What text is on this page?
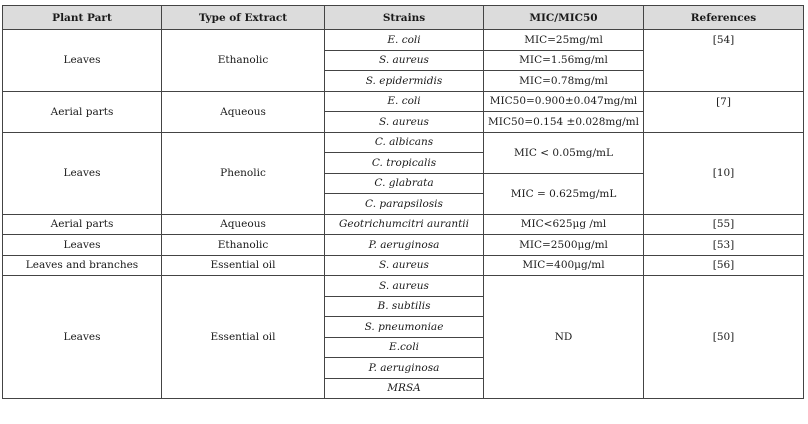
Plant Part	Type of Extract	Strains	MIC/MIC50	References
Leaves	Ethanolic	E. coli	MIC=25mg/ml	[54]
		S. aureus	MIC=1.56mg/ml	
		S. epidermidis	MIC=0.78mg/ml	
Aerial parts	Aqueous	E. coli	MIC50=0.900±0.047mg/ml	[7]
		S. aureus	MIC50=0.154 ±0.028mg/ml	
Leaves	Phenolic	C. albicans	MIC < 0.05mg/mL	[10]
		C. tropicalis		
		C. glabrata	MIC = 0.625mg/mL	
		C. parapsilosis		
Aerial parts	Aqueous	Geotrichumcitri aurantii	MIC<625μg /ml	[55]
Leaves	Ethanolic	P. aeruginosa	MIC=2500μg/ml	[53]
Leaves and branches	Essential oil	S. aureus	MIC=400μg/ml	[56]
Leaves	Essential oil	S. aureus	ND	[50]
		B. subtilis		
		S. pneumoniae		
		E.coli		
		P. aeruginosa		
		MRSA		
